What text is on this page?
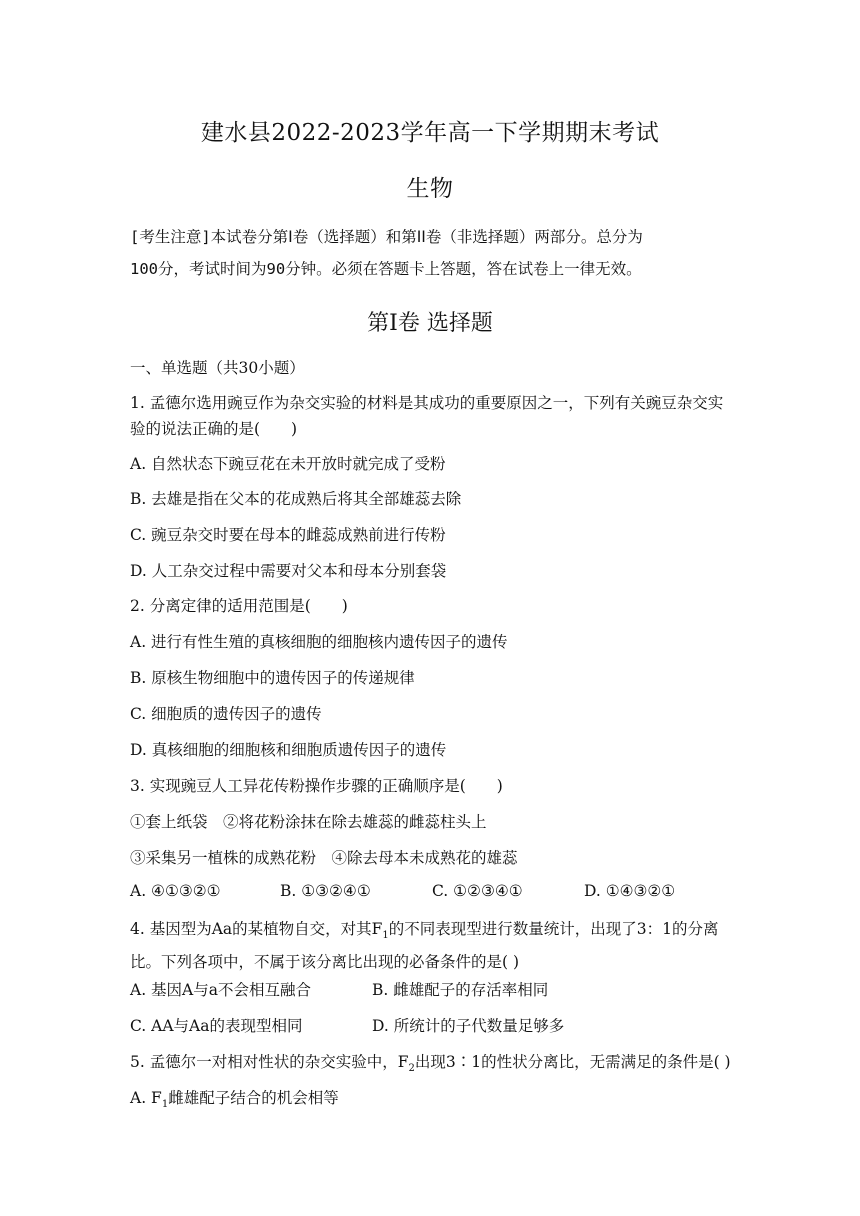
建水县2022-2023学年高一下学期期末考试
生物
[考生注意]本试卷分第Ⅰ卷（选择题）和第ⅠⅠ卷（非选择题）两部分。总分为
100分，考试时间为90分钟。必须在答题卡上答题，答在试卷上一律无效。
第Ⅰ卷 选择题
一、单选题（共30小题）
1. 孟德尔选用豌豆作为杂交实验的材料是其成功的重要原因之一，下列有关豌豆杂交实验的说法正确的是(　　)
A. 自然状态下豌豆花在未开放时就完成了受粉
B. 去雄是指在父本的花成熟后将其全部雄蕊去除
C. 豌豆杂交时要在母本的雌蕊成熟前进行传粉
D. 人工杂交过程中需要对父本和母本分别套袋
2. 分离定律的适用范围是(　　)
A. 进行有性生殖的真核细胞的细胞核内遗传因子的遗传
B. 原核生物细胞中的遗传因子的传递规律
C. 细胞质的遗传因子的遗传
D. 真核细胞的细胞核和细胞质遗传因子的遗传
3. 实现豌豆人工异花传粉操作步骤的正确顺序是(　　)
①套上纸袋　②将花粉涂抹在除去雄蕊的雌蕊柱头上
③采集另一植株的成熟花粉　④除去母本未成熟花的雄蕊
A. ④①③②①	B. ①③②④①	C. ①②③④①	D. ①④③②①
4. 基因型为Aa的某植物自交，对其$F_1$的不同表现型进行数量统计，出现了3：1的分离比。下列各项中，不属于该分离比出现的必备条件的是( )
A. 基因A与a不会相互融合	B. 雌雄配子的存活率相同
C. AA与Aa的表现型相同	D. 所统计的子代数量足够多
5. 孟德尔一对相对性状的杂交实验中，$F_2$出现3∶1的性状分离比，无需满足的条件是( )
A. $F_1$雌雄配子结合的机会相等
